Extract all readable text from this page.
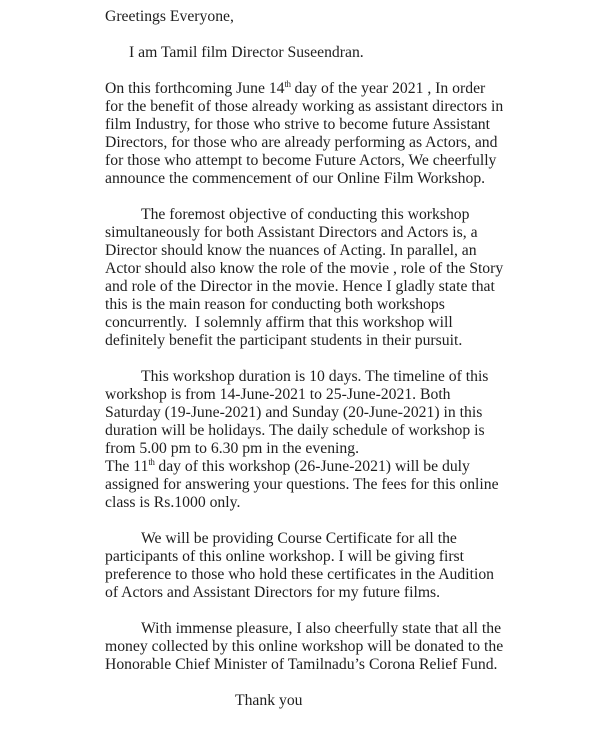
Greetings Everyone,

I am Tamil film Director Suseendran.

On this forthcoming June 14th day of the year 2021 , In order for the benefit of those already working as assistant directors in film Industry, for those who strive to become future Assistant Directors, for those who are already performing as Actors, and for those who attempt to become Future Actors, We cheerfully announce the commencement of our Online Film Workshop.

The foremost objective of conducting this workshop simultaneously for both Assistant Directors and Actors is, a Director should know the nuances of Acting. In parallel, an Actor should also know the role of the movie , role of the Story and role of the Director in the movie. Hence I gladly state that this is the main reason for conducting both workshops concurrently.  I solemnly affirm that this workshop will definitely benefit the participant students in their pursuit.

This workshop duration is 10 days. The timeline of this workshop is from 14-June-2021 to 25-June-2021. Both Saturday (19-June-2021) and Sunday (20-June-2021) in this duration will be holidays. The daily schedule of workshop is from 5.00 pm to 6.30 pm in the evening.
The 11th day of this workshop (26-June-2021) will be duly assigned for answering your questions. The fees for this online class is Rs.1000 only.

We will be providing Course Certificate for all the participants of this online workshop. I will be giving first preference to those who hold these certificates in the Audition of Actors and Assistant Directors for my future films.

With immense pleasure, I also cheerfully state that all the money collected by this online workshop will be donated to the Honorable Chief Minister of Tamilnadu’s Corona Relief Fund.

Thank you
